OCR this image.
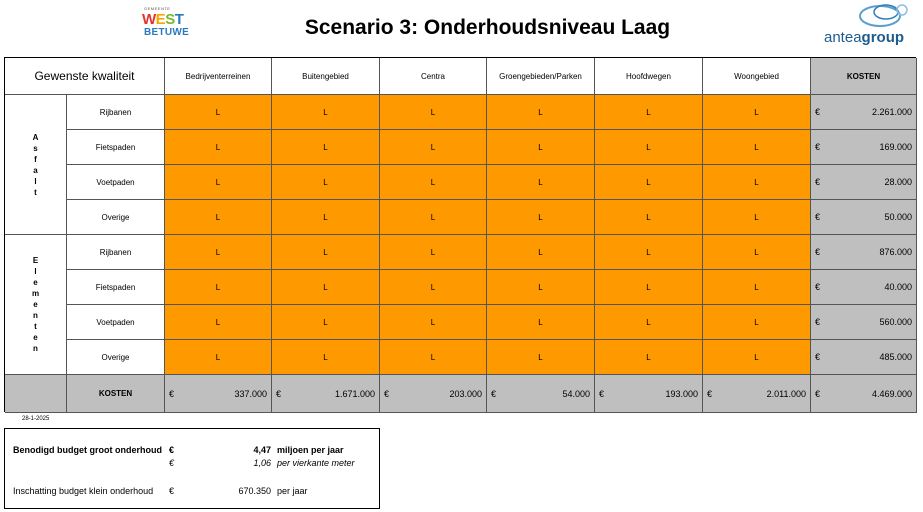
GEMEENTE
WEST
BETUWE	Scenario 3: Onderhoudsniveau Laag	anteagroup
Gewenste kwaliteit	Bedrijventerreinen	Buitengebied	Centra	Groengebieden/Parken	Hoofdwegen	Woongebied	KOSTEN
A
s
f
a
l
t
E
l
e
m
e
n
t
e
n
Rijbanen	L	L	L	L	L	L	€	2.261.000
Fietspaden	L	L	L	L	L	L	€	169.000
Voetpaden	L	L	L	L	L	L	€	28.000
Overige	L	L	L	L	L	L	€	50.000
Rijbanen	L	L	L	L	L	L	€	876.000
Fietspaden	L	L	L	L	L	L	€	40.000
Voetpaden	L	L	L	L	L	L	€	560.000
Overige	L	L	L	L	L	L	€	485.000
KOSTEN	€	337.000 €	1.671.000 €	203.000 €	54.000 €	193.000 €	2.011.000 €	4.469.000
28-1-2025
Benodigd budget groot onderhoud €	4,47 miljoen per jaar
€	1,06 per vierkante meter
Inschatting budget klein onderhoud €	670.350 per jaar
